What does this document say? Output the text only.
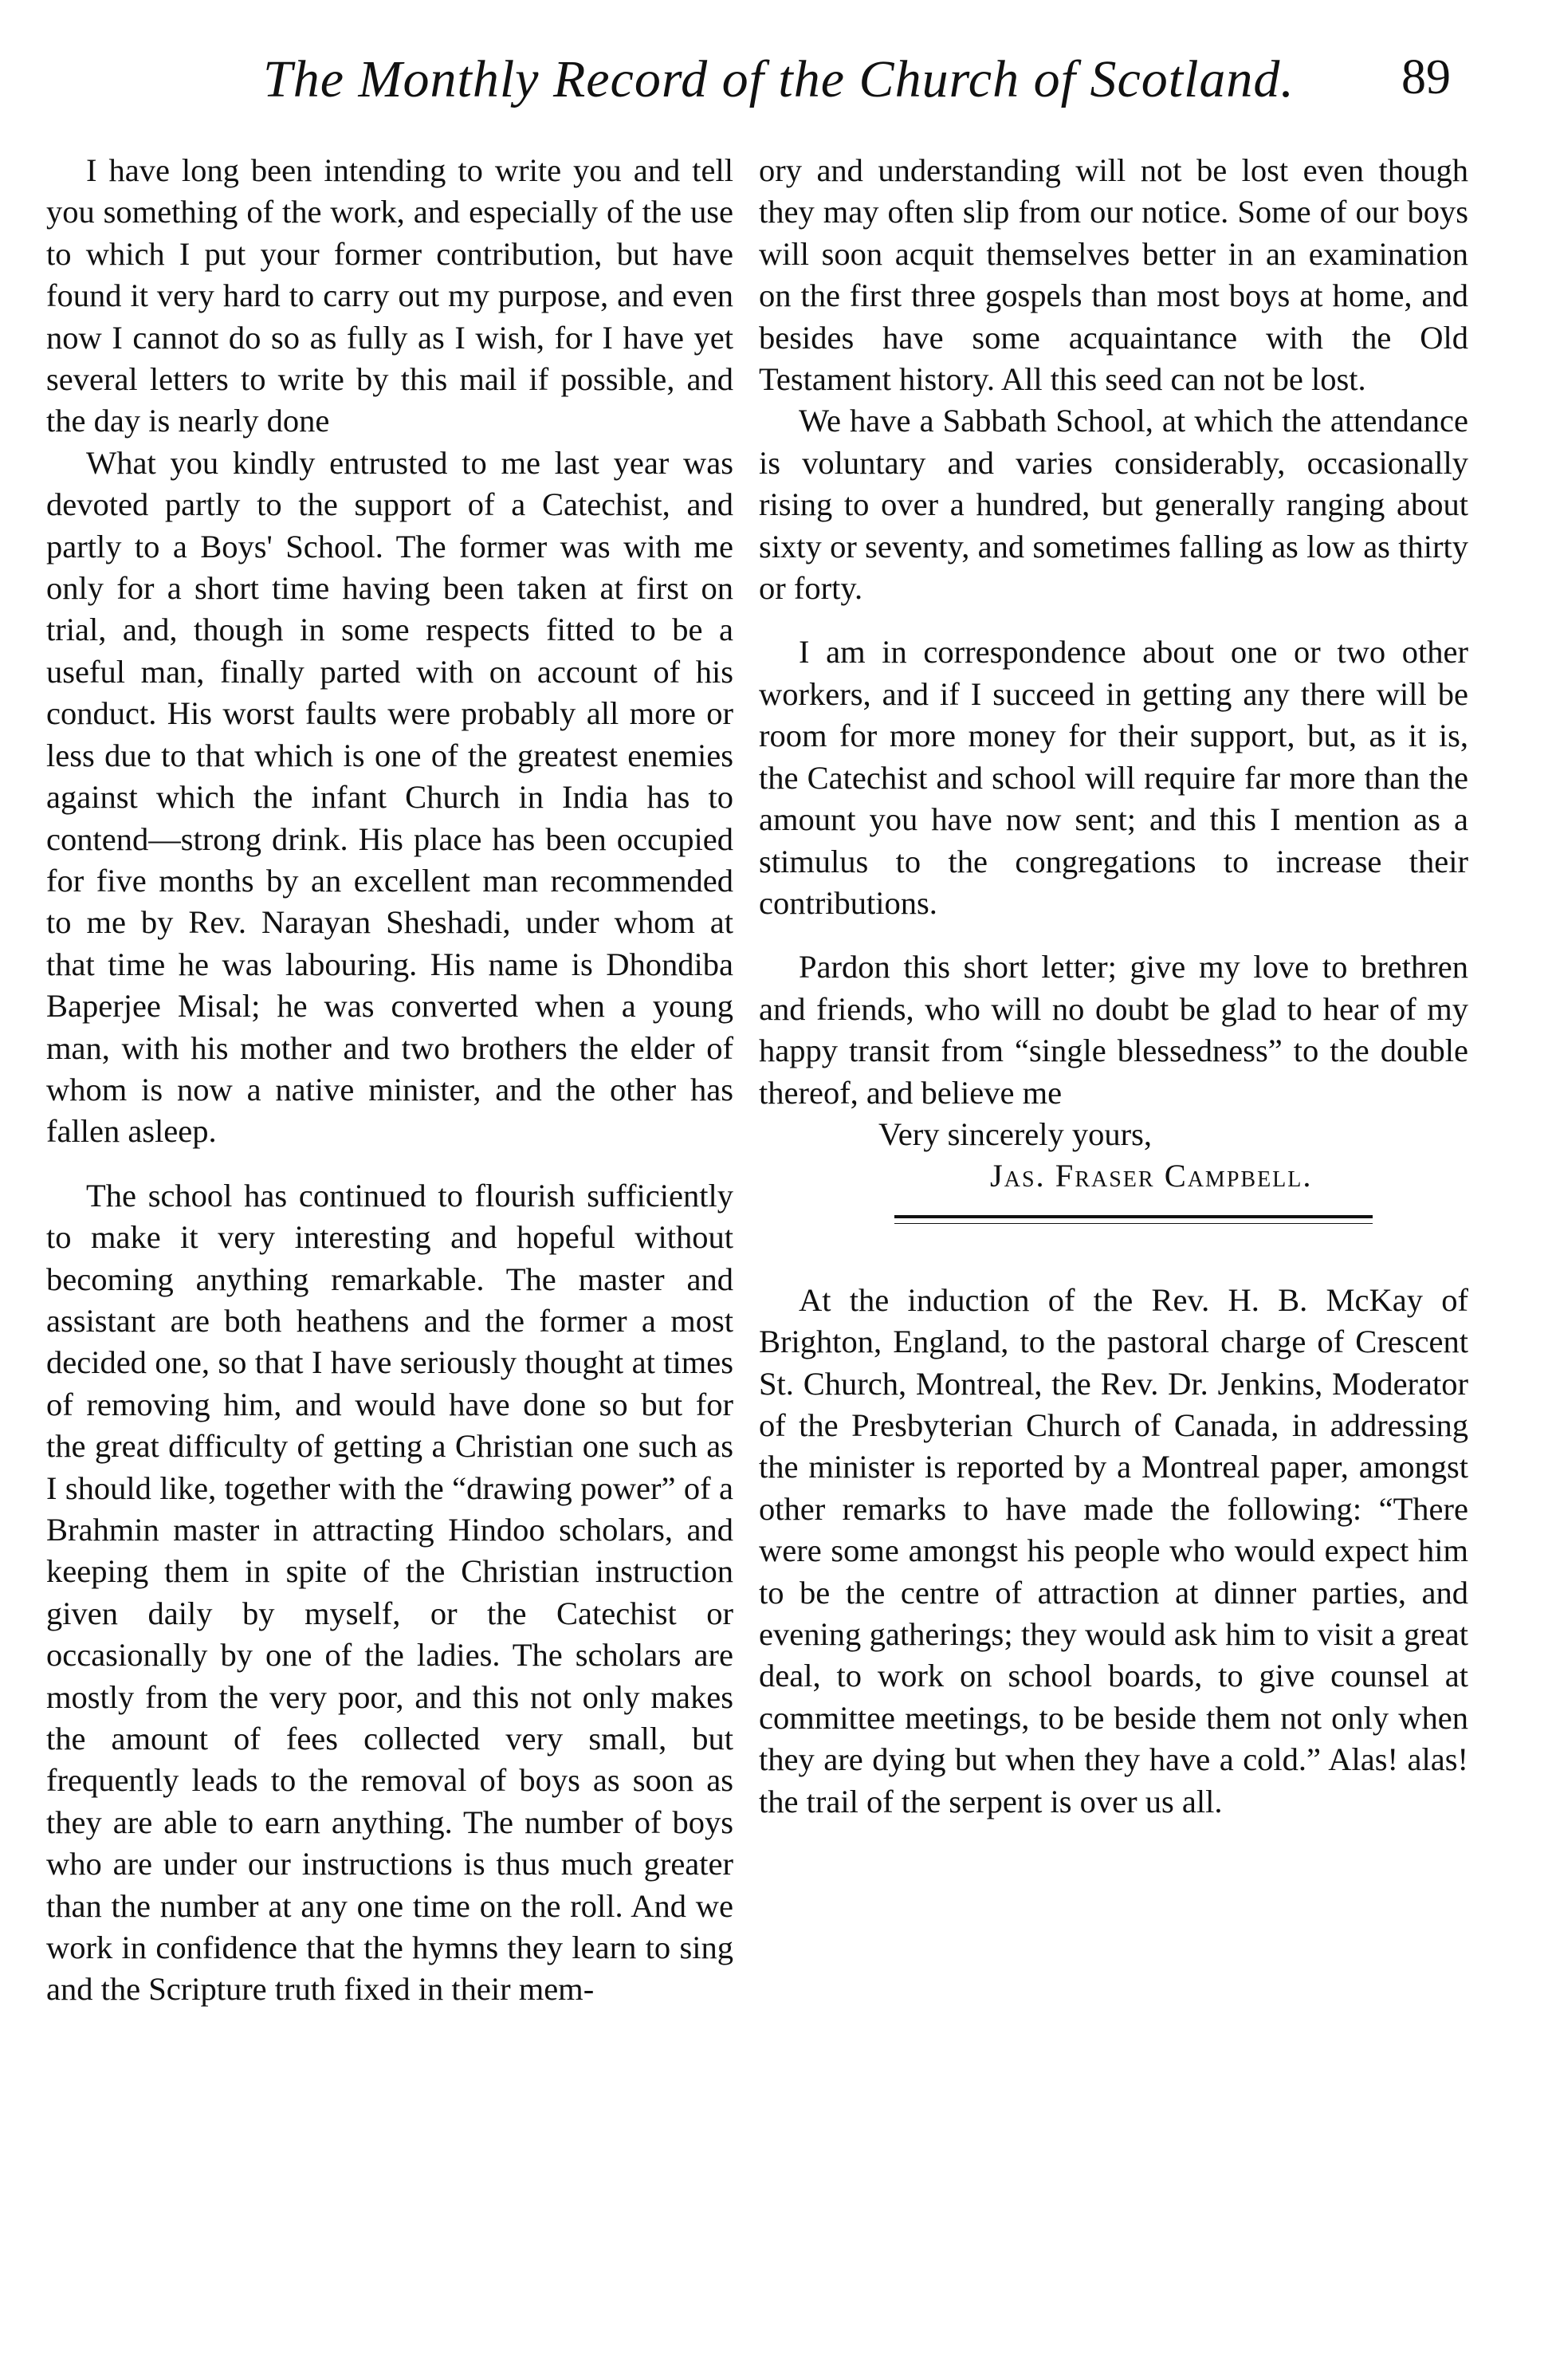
The Monthly Record of the Church of Scotland. 89

I have long been intending to write you and tell you something of the work, and especially of the use to which I put your former contribution, but have found it very hard to carry out my purpose, and even now I cannot do so as fully as I wish, for I have yet several letters to write by this mail if possible, and the day is nearly done

What you kindly entrusted to me last year was devoted partly to the support of a Catechist, and partly to a Boys' School. The former was with me only for a short time having been taken at first on trial, and, though in some respects fitted to be a useful man, finally parted with on account of his conduct. His worst faults were probably all more or less due to that which is one of the greatest enemies against which the infant Church in India has to contend—strong drink. His place has been occupied for five months by an excellent man recommended to me by Rev. Narayan Sheshadi, under whom at that time he was labouring. His name is Dhondiba Baperjee Misal; he was converted when a young man, with his mother and two brothers the elder of whom is now a native minister, and the other has fallen asleep.

The school has continued to flourish sufficiently to make it very interesting and hopeful without becoming anything remarkable. The master and assistant are both heathens and the former a most decided one, so that I have seriously thought at times of removing him, and would have done so but for the great difficulty of getting a Christian one such as I should like, together with the “drawing power” of a Brahmin master in attracting Hindoo scholars, and keeping them in spite of the Christian instruction given daily by myself, or the Catechist or occasionally by one of the ladies. The scholars are mostly from the very poor, and this not only makes the amount of fees collected very small, but frequently leads to the removal of boys as soon as they are able to earn anything. The number of boys who are under our instructions is thus much greater than the number at any one time on the roll. And we work in confidence that the hymns they learn to sing and the Scripture truth fixed in their mem-

ory and understanding will not be lost even though they may often slip from our notice. Some of our boys will soon acquit themselves better in an examination on the first three gospels than most boys at home, and besides have some acquaintance with the Old Testament history. All this seed can not be lost.

We have a Sabbath School, at which the attendance is voluntary and varies considerably, occasionally rising to over a hundred, but generally ranging about sixty or seventy, and sometimes falling as low as thirty or forty.

I am in correspondence about one or two other workers, and if I succeed in getting any there will be room for more money for their support, but, as it is, the Catechist and school will require far more than the amount you have now sent; and this I mention as a stimulus to the congregations to increase their contributions.

Pardon this short letter; give my love to brethren and friends, who will no doubt be glad to hear of my happy transit from “single blessedness” to the double thereof, and believe me

Very sincerely yours,

Jas. Fraser Campbell.

At the induction of the Rev. H. B. McKay of Brighton, England, to the pastoral charge of Crescent St. Church, Montreal, the Rev. Dr. Jenkins, Moderator of the Presbyterian Church of Canada, in addressing the minister is reported by a Montreal paper, amongst other remarks to have made the following: “There were some amongst his people who would expect him to be the centre of attraction at dinner parties, and evening gatherings; they would ask him to visit a great deal, to work on school boards, to give counsel at committee meetings, to be beside them not only when they are dying but when they have a cold.” Alas! alas! the trail of the serpent is over us all.
